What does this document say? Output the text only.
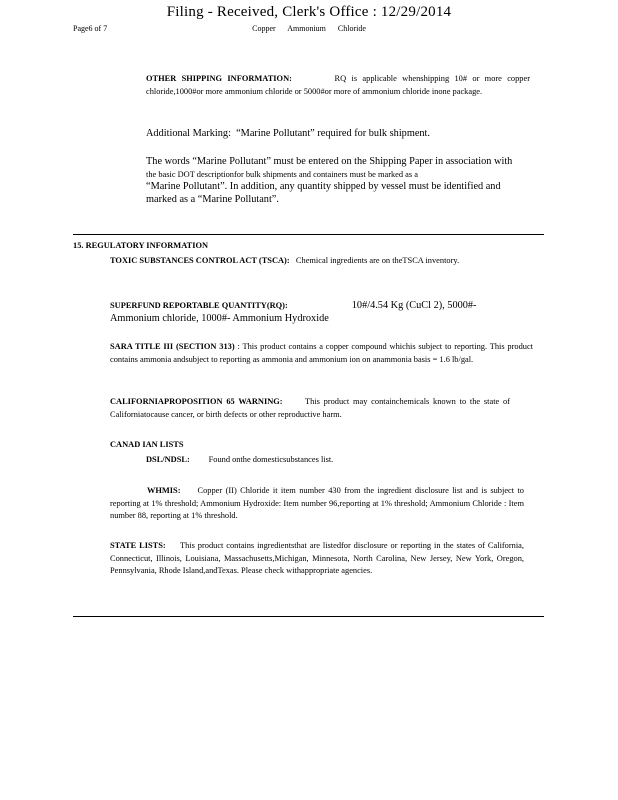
Filing - Received, Clerk's Office : 12/29/2014
Page6 of 7	Copper Ammonium Chloride
OTHER SHIPPING INFORMATION:	RQ is applicable whenshipping 10# or more copper chloride,1000#or more ammonium chloride or 5000#or more of ammonium chloride inone package.
Additional Marking: “Marine Pollutant” required for bulk shipment.
The words “Marine Pollutant” must be entered on the Shipping Paper in association with
the basic DOT descriptionfor bulk shipments and containers must be marked as a
“Marine Pollutant”. In addition, any quantity shipped by vessel must be identified and
marked as a “Marine Pollutant”.
15. REGULATORY INFORMATION
TOXIC SUBSTANCES CONTROL ACT (TSCA): Chemical ingredients are on theTSCA inventory.
SUPERFUND REPORTABLE QUANTITY(RQ):	10#/4.54 Kg (CuCl 2), 5000#-
Ammonium chloride, 1000#- Ammonium Hydroxide
SARA TITLE III (SECTION 313) : This product contains a copper compound whichis subject to reporting. This product contains ammonia andsubject to reporting as ammonia and ammonium ion on anammonia basis = 1.6 lb/gal.
CALIFORNIAPROPOSITION 65 WARNING:	This product may containchemicals known to the state of Californiatocause cancer, or birth defects or other reproductive harm.
CANAD IAN LISTS
DSL/NDSL: Found onthe domesticsubstances list.
WHMIS: Copper (II) Chloride it item number 430 from the ingredient disclosure list and is subject to reporting at 1% threshold; Ammonium Hydroxide: Item number 96,reporting at 1% threshold; Ammonium Chloride : Item number 88, reporting at 1% threshold.
STATE LISTS: This product contains ingredientsthat are listedfor disclosure or reporting in the states of California, Connecticut, Illinois, Louisiana, Massachusetts,Michigan, Minnesota, North Carolina, New Jersey, New York, Oregon, Pennsylvania, Rhode Island,andTexas. Please check withappropriate agencies.
